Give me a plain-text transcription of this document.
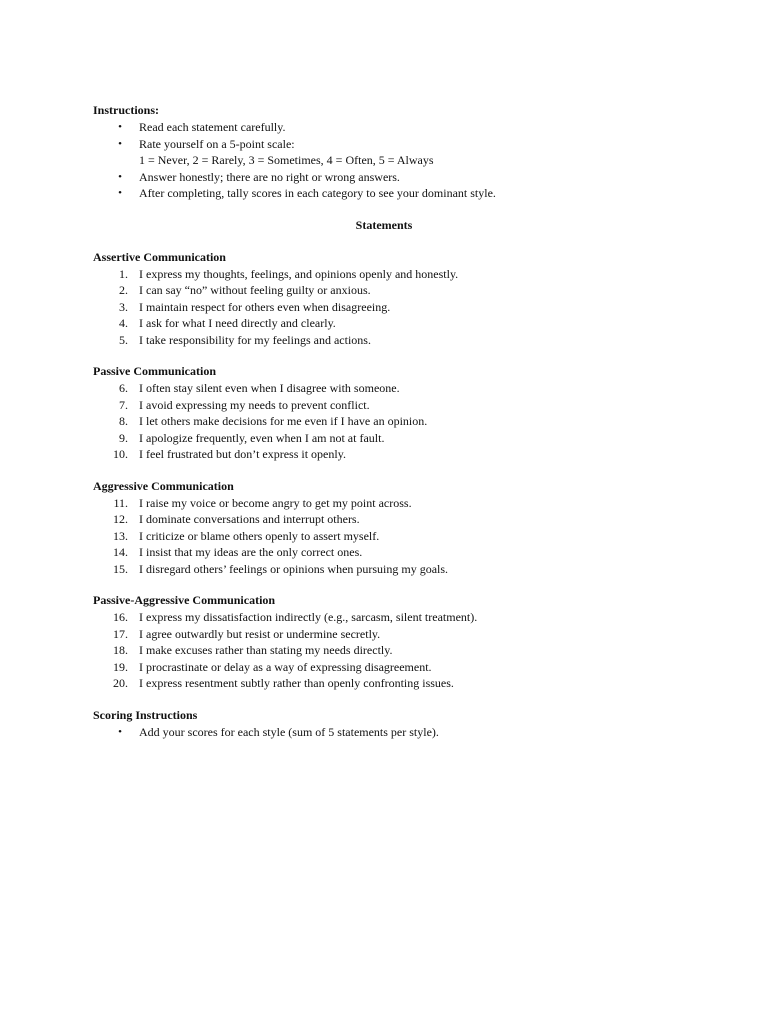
Instructions:
• Read each statement carefully.
• Rate yourself on a 5-point scale:
1 = Never, 2 = Rarely, 3 = Sometimes, 4 = Often, 5 = Always
• Answer honestly; there are no right or wrong answers.
• After completing, tally scores in each category to see your dominant style.
Statements
Assertive Communication
1. I express my thoughts, feelings, and opinions openly and honestly.
2. I can say “no” without feeling guilty or anxious.
3. I maintain respect for others even when disagreeing.
4. I ask for what I need directly and clearly.
5. I take responsibility for my feelings and actions.
Passive Communication
6. I often stay silent even when I disagree with someone.
7. I avoid expressing my needs to prevent conflict.
8. I let others make decisions for me even if I have an opinion.
9. I apologize frequently, even when I am not at fault.
10. I feel frustrated but don’t express it openly.
Aggressive Communication
11. I raise my voice or become angry to get my point across.
12. I dominate conversations and interrupt others.
13. I criticize or blame others openly to assert myself.
14. I insist that my ideas are the only correct ones.
15. I disregard others’ feelings or opinions when pursuing my goals.
Passive-Aggressive Communication
16. I express my dissatisfaction indirectly (e.g., sarcasm, silent treatment).
17. I agree outwardly but resist or undermine secretly.
18. I make excuses rather than stating my needs directly.
19. I procrastinate or delay as a way of expressing disagreement.
20. I express resentment subtly rather than openly confronting issues.
Scoring Instructions
• Add your scores for each style (sum of 5 statements per style).
